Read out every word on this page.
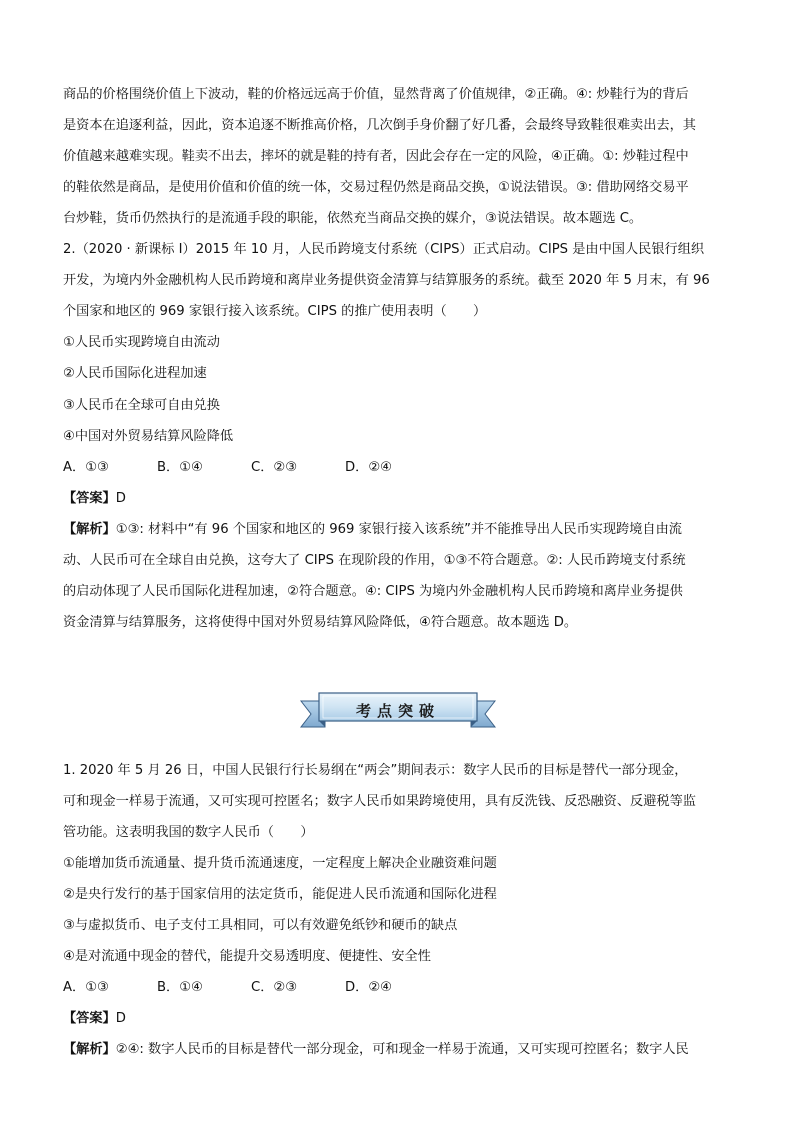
商品的价格围绕价值上下波动，鞋的价格远远高于价值，显然背离了价值规律，②正确。④: 炒鞋行为的背后
是资本在追逐利益，因此，资本追逐不断推高价格，几次倒手身价翻了好几番，会最终导致鞋很难卖出去，其
价值越来越难实现。鞋卖不出去，摔坏的就是鞋的持有者，因此会存在一定的风险，④正确。①: 炒鞋过程中
的鞋依然是商品，是使用价值和价值的统一体，交易过程仍然是商品交换，①说法错误。③: 借助网络交易平
台炒鞋，货币仍然执行的是流通手段的职能，依然充当商品交换的媒介，③说法错误。故本题选 C。
2.（2020 · 新课标 I）2015 年 10 月，人民币跨境支付系统（CIPS）正式启动。CIPS 是由中国人民银行组织
开发，为境内外金融机构人民币跨境和离岸业务提供资金清算与结算服务的系统。截至 2020 年 5 月末，有 96
个国家和地区的 969 家银行接入该系统。CIPS 的推广使用表明（　　）
①人民币实现跨境自由流动
②人民币国际化进程加速
③人民币在全球可自由兑换
④中国对外贸易结算风险降低
A．①③	B．①④	C．②③	D．②④
【答案】D
【解析】①③: 材料中“有 96 个国家和地区的 969 家银行接入该系统”并不能推导出人民币实现跨境自由流
动、人民币可在全球自由兑换，这夸大了 CIPS 在现阶段的作用，①③不符合题意。②: 人民币跨境支付系统
的启动体现了人民币国际化进程加速，②符合题意。④: CIPS 为境内外金融机构人民币跨境和离岸业务提供
资金清算与结算服务，这将使得中国对外贸易结算风险降低，④符合题意。故本题选 D。
考点突破
1. 2020 年 5 月 26 日，中国人民银行行长易纲在“两会”期间表示：数字人民币的目标是替代一部分现金，
可和现金一样易于流通，又可实现可控匿名；数字人民币如果跨境使用，具有反洗钱、反恐融资、反避税等监
管功能。这表明我国的数字人民币（　　）
①能增加货币流通量、提升货币流通速度，一定程度上解决企业融资难问题
②是央行发行的基于国家信用的法定货币，能促进人民币流通和国际化进程
③与虚拟货币、电子支付工具相同，可以有效避免纸钞和硬币的缺点
④是对流通中现金的替代，能提升交易透明度、便捷性、安全性
A．①③	B．①④	C．②③	D．②④
【答案】D
【解析】②④: 数字人民币的目标是替代一部分现金，可和现金一样易于流通，又可实现可控匿名；数字人民
